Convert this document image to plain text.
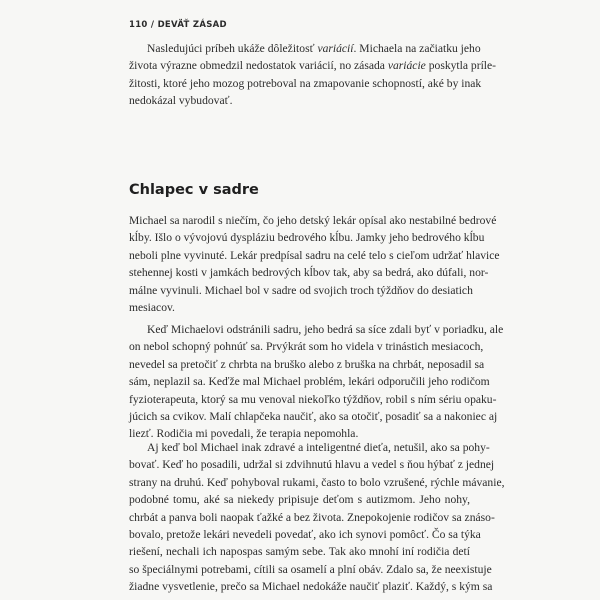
110 / DEVÄŤ ZÁSAD
Nasledujúci príbeh ukáže dôležitosť variácií. Michaela na začiatku jeho
života výrazne obmedzil nedostatok variácií, no zásada variácie poskytla príle-
žitosti, ktoré jeho mozog potreboval na zmapovanie schopností, aké by inak
nedokázal vybudovať.
Chlapec v sadre
Michael sa narodil s niečím, čo jeho detský lekár opísal ako nestabilné bedrové
kĺby. Išlo o vývojovú dyspláziu bedrového kĺbu. Jamky jeho bedrového kĺbu
neboli plne vyvinuté. Lekár predpísal sadru na celé telo s cieľom udržať hlavice
stehennej kosti v jamkách bedrových kĺbov tak, aby sa bedrá, ako dúfali, nor-
málne vyvinuli. Michael bol v sadre od svojich troch týždňov do desiatich
mesiacov.
Keď Michaelovi odstránili sadru, jeho bedrá sa síce zdali byť v poriadku, ale
on nebol schopný pohnúť sa. Prvýkrát som ho videla v trinástich mesiacoch,
nevedel sa pretočiť z chrbta na bruško alebo z bruška na chrbát, neposadil sa
sám, neplazil sa. Keďže mal Michael problém, lekári odporučili jeho rodičom
fyzioterapeuta, ktorý sa mu venoval niekoľko týždňov, robil s ním sériu opaku-
júcich sa cvikov. Malí chlapčeka naučiť, ako sa otočiť, posadiť sa a nakoniec aj
liezť. Rodičia mi povedali, že terapia nepomohla.
Aj keď bol Michael inak zdravé a inteligentné dieťa, netušil, ako sa pohy-
bovať. Keď ho posadili, udržal si zdvihnutú hlavu a vedel s ňou hýbať z jednej
strany na druhú. Keď pohyboval rukami, často to bolo vzrušené, rýchle mávanie,
podobné tomu, aké sa niekedy pripisuje deťom s autizmom. Jeho nohy,
chrbát a panva boli naopak ťažké a bez života. Znepokojenie rodičov sa znáso-
bovalo, pretože lekári nevedeli povedať, ako ich synovi pomôcť. Čo sa týka
riešení, nechali ich napospas samým sebe. Tak ako mnohí iní rodičia detí
so špeciálnymi potrebami, cítili sa osamelí a plní obáv. Zdalo sa, že neexistuje
žiadne vysvetlenie, prečo sa Michael nedokáže naučiť plaziť. Každý, s kým sa
